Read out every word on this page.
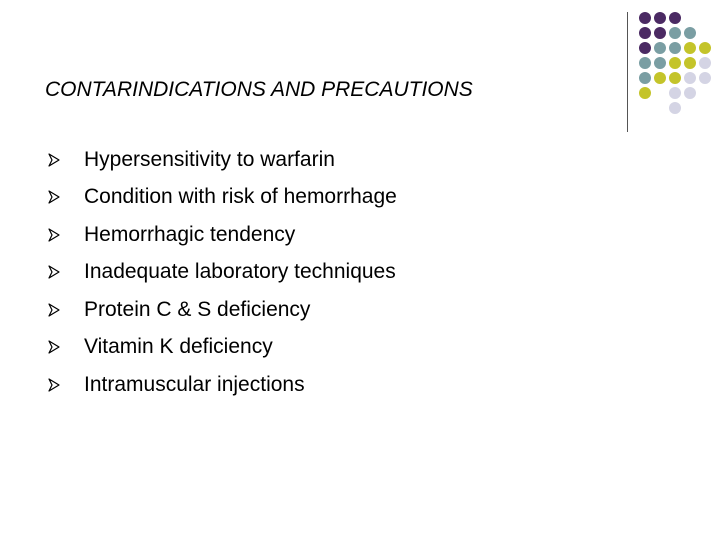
CONTARINDICATIONS AND PRECAUTIONS
Hypersensitivity to warfarin
Condition with risk of hemorrhage
Hemorrhagic tendency
Inadequate laboratory techniques
Protein C & S deficiency
Vitamin K deficiency
Intramuscular injections
